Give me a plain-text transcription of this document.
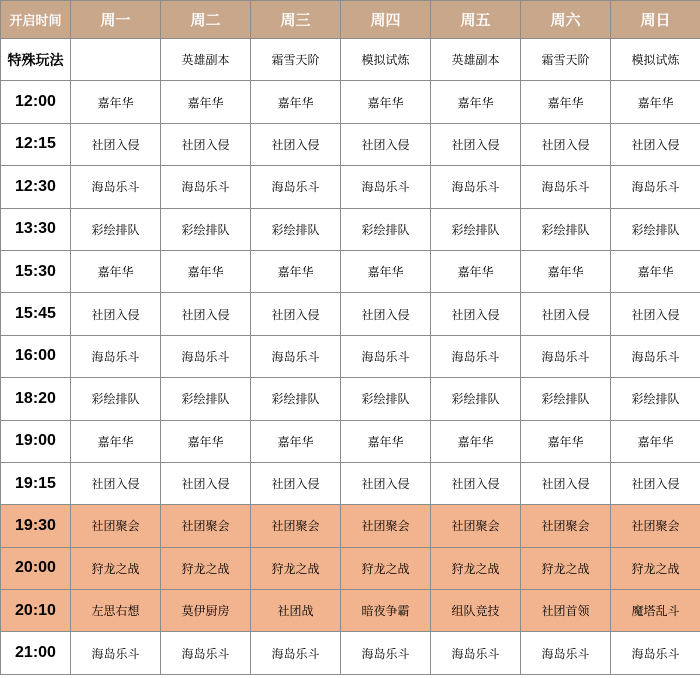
开启时间	周一	周二	周三	周四	周五	周六	周日
特殊玩法		英雄副本	霜雪天阶	模拟试炼	英雄副本	霜雪天阶	模拟试炼
12:00	嘉年华	嘉年华	嘉年华	嘉年华	嘉年华	嘉年华	嘉年华
12:15	社团入侵	社团入侵	社团入侵	社团入侵	社团入侵	社团入侵	社团入侵
12:30	海岛乐斗	海岛乐斗	海岛乐斗	海岛乐斗	海岛乐斗	海岛乐斗	海岛乐斗
13:30	彩绘排队	彩绘排队	彩绘排队	彩绘排队	彩绘排队	彩绘排队	彩绘排队
15:30	嘉年华	嘉年华	嘉年华	嘉年华	嘉年华	嘉年华	嘉年华
15:45	社团入侵	社团入侵	社团入侵	社团入侵	社团入侵	社团入侵	社团入侵
16:00	海岛乐斗	海岛乐斗	海岛乐斗	海岛乐斗	海岛乐斗	海岛乐斗	海岛乐斗
18:20	彩绘排队	彩绘排队	彩绘排队	彩绘排队	彩绘排队	彩绘排队	彩绘排队
19:00	嘉年华	嘉年华	嘉年华	嘉年华	嘉年华	嘉年华	嘉年华
19:15	社团入侵	社团入侵	社团入侵	社团入侵	社团入侵	社团入侵	社团入侵
19:30	社团聚会	社团聚会	社团聚会	社团聚会	社团聚会	社团聚会	社团聚会
20:00	狩龙之战	狩龙之战	狩龙之战	狩龙之战	狩龙之战	狩龙之战	狩龙之战
20:10	左思右想	莫伊厨房	社团战	暗夜争霸	组队竞技	社团首领	魔塔乱斗
21:00	海岛乐斗	海岛乐斗	海岛乐斗	海岛乐斗	海岛乐斗	海岛乐斗	海岛乐斗
